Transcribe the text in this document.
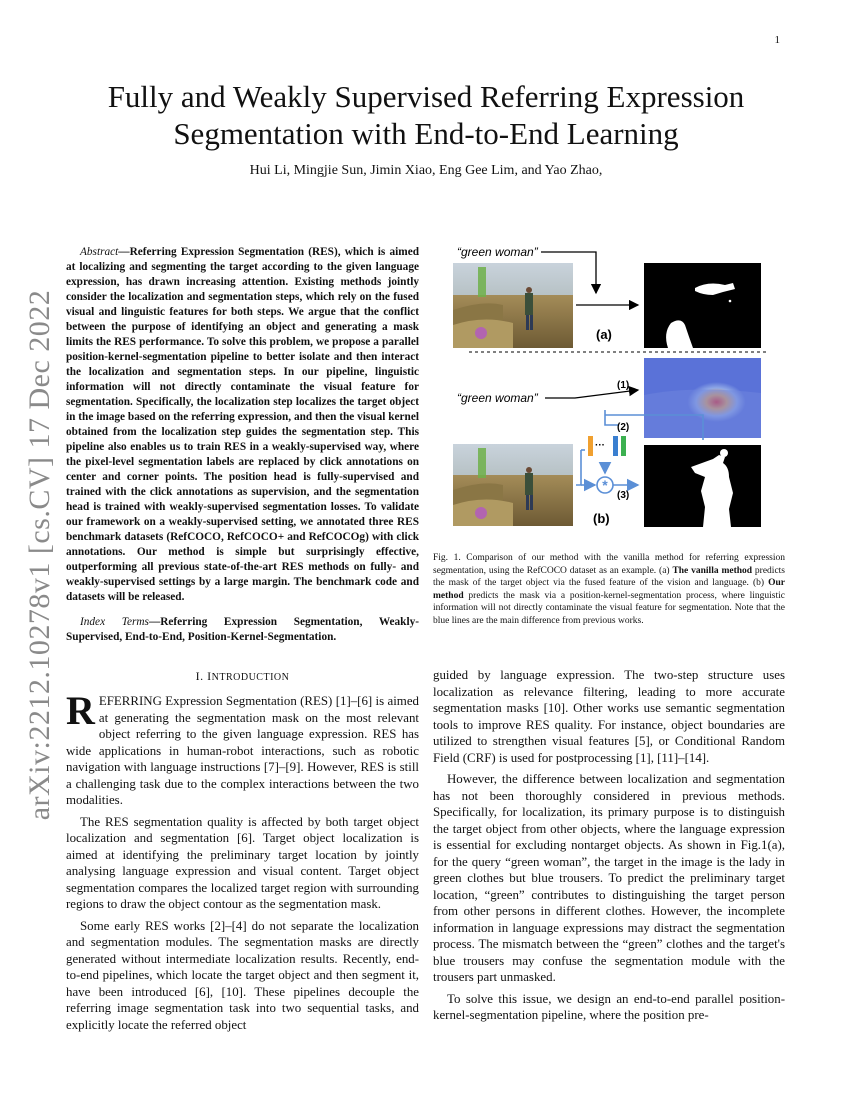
1
arXiv:2212.10278v1 [cs.CV] 17 Dec 2022
Fully and Weakly Supervised Referring Expression
Segmentation with End-to-End Learning
Hui Li, Mingjie Sun, Jimin Xiao, Eng Gee Lim, and Yao Zhao,

Abstract—Referring Expression Segmentation (RES), which is aimed at localizing and segmenting the target according to the given language expression, has drawn increasing attention. Existing methods jointly consider the localization and segmentation steps, which rely on the fused visual and linguistic features for both steps. We argue that the conflict between the purpose of identifying an object and generating a mask limits the RES performance. To solve this problem, we propose a parallel position-kernel-segmentation pipeline to better isolate and then interact the localization and segmentation steps. In our pipeline, linguistic information will not directly contaminate the visual feature for segmentation. Specifically, the localization step localizes the target object in the image based on the referring expression, and then the visual kernel obtained from the localization step guides the segmentation step. This pipeline also enables us to train RES in a weakly-supervised way, where the pixel-level segmentation labels are replaced by click annotations on center and corner points. The position head is fully-supervised and trained with the click annotations as supervision, and the segmentation head is trained with weakly-supervised segmentation losses. To validate our framework on a weakly-supervised setting, we annotated three RES benchmark datasets (RefCOCO, RefCOCO+ and RefCOCOg) with click annotations. Our method is simple but surprisingly effective, outperforming all previous state-of-the-art RES methods on fully- and weakly-supervised settings by a large margin. The benchmark code and datasets will be released.

Index Terms—Referring Expression Segmentation, Weakly-Supervised, End-to-End, Position-Kernel-Segmentation.

I. INTRODUCTION

REFERRING Expression Segmentation (RES) [1]–[6] is aimed at generating the segmentation mask on the most relevant object referring to the given language expression. RES has wide applications in human-robot interactions, such as robotic navigation with language instructions [7]–[9]. However, RES is still a challenging task due to the complex interactions between the two modalities.

The RES segmentation quality is affected by both target object localization and segmentation [6]. Target object localization is aimed at identifying the preliminary target location by jointly analysing language expression and visual content. Target object segmentation compares the localized target region with surrounding regions to draw the object contour as the segmentation mask.

Some early RES works [2]–[4] do not separate the localization and segmentation modules. The segmentation masks are directly generated without intermediate localization results. Recently, end-to-end pipelines, which locate the target object and then segment it, have been introduced [6], [10]. These pipelines decouple the referring image segmentation task into two sequential tasks, and explicitly locate the referred object

“green woman”
(a)
“green woman”
(1)
(2)
(3)
···
*
(b)

Fig. 1. Comparison of our method with the vanilla method for referring expression segmentation, using the RefCOCO dataset as an example. (a) The vanilla method predicts the mask of the target object via the fused feature of the vision and language. (b) Our method predicts the mask via a position-kernel-segmentation process, where linguistic information will not directly contaminate the visual feature for segmentation. Note that the blue lines are the main difference from previous works.

guided by language expression. The two-step structure uses localization as relevance filtering, leading to more accurate segmentation masks [10]. Other works use semantic segmentation tools to improve RES quality. For instance, object boundaries are utilized to strengthen visual features [5], or Conditional Random Field (CRF) is used for postprocessing [1], [11]–[14].

However, the difference between localization and segmentation has not been thoroughly considered in previous methods. Specifically, for localization, its primary purpose is to distinguish the target object from other objects, where the language expression is essential for excluding nontarget objects. As shown in Fig.1(a), for the query “green woman”, the target in the image is the lady in green clothes but blue trousers. To predict the preliminary target location, “green” contributes to distinguishing the target person from other persons in different clothes. However, the incomplete information in language expressions may distract the segmentation process. The mismatch between the “green” clothes and the target's blue trousers may confuse the segmentation module with the trousers part unmasked.

To solve this issue, we design an end-to-end parallel position-kernel-segmentation pipeline, where the position pre-
